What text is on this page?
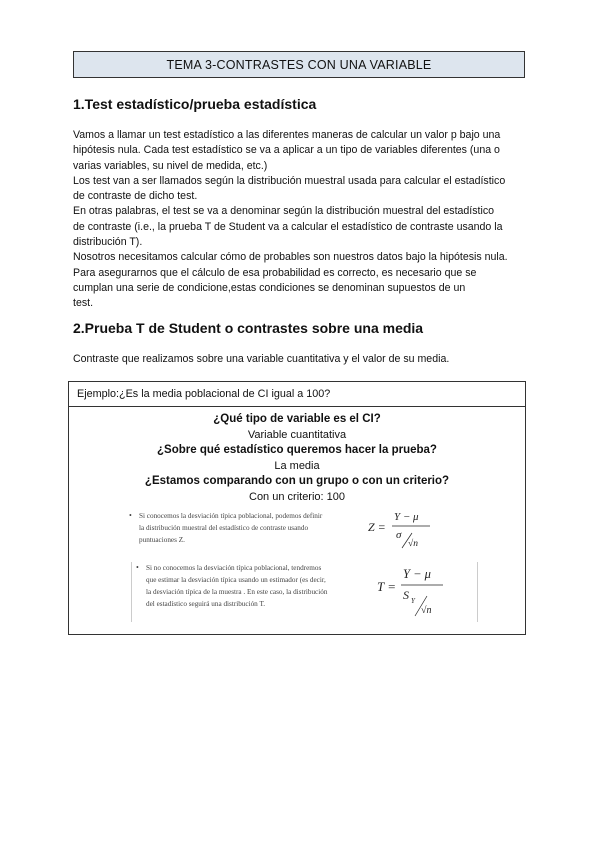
TEMA 3-CONTRASTES CON UNA VARIABLE
1.Test estadístico/prueba estadística

Vamos a llamar un test estadístico a las diferentes maneras de calcular un valor p bajo una
hipótesis nula. Cada test estadístico se va a aplicar a un tipo de variables diferentes (una o
varias variables, su nivel de medida, etc.)
Los test van a ser llamados según la distribución muestral usada para calcular el estadístico
de contraste de dicho test.
En otras palabras, el test se va a denominar según la distribución muestral del estadístico
de contraste (i.e., la prueba T de Student va a calcular el estadístico de contraste usando la
distribución T).
Nosotros necesitamos calcular cómo de probables son nuestros datos bajo la hipótesis nula.
Para asegurarnos que el cálculo de esa probabilidad es correcto, es necesario que se
cumplan una serie de condicione,estas condiciones se denominan supuestos de un
test.

2.Prueba T de Student o contrastes sobre una media

Contraste que realizamos sobre una variable cuantitativa y el valor de su media.

Ejemplo:¿Es la media poblacional de CI igual a 100?
¿Qué tipo de variable es el CI?
Variable cuantitativa
¿Sobre qué estadístico queremos hacer la prueba?
La media
¿Estamos comparando con un grupo o con un criterio?
Con un criterio: 100
• Si conocemos la desviación típica poblacional, podemos definir
la distribución muestral del estadístico de contraste usando
puntuaciones Z.
Z =
Y − μ
σ
√n
• Si no conocemos la desviación típica poblacional, tendremos
que estimar la desviación típica usando un estimador (es decir,
la desviación típica de la muestra . En este caso, la distribución
del estadístico seguirá una distribución T.
T =
Y − μ
S Y
√n
